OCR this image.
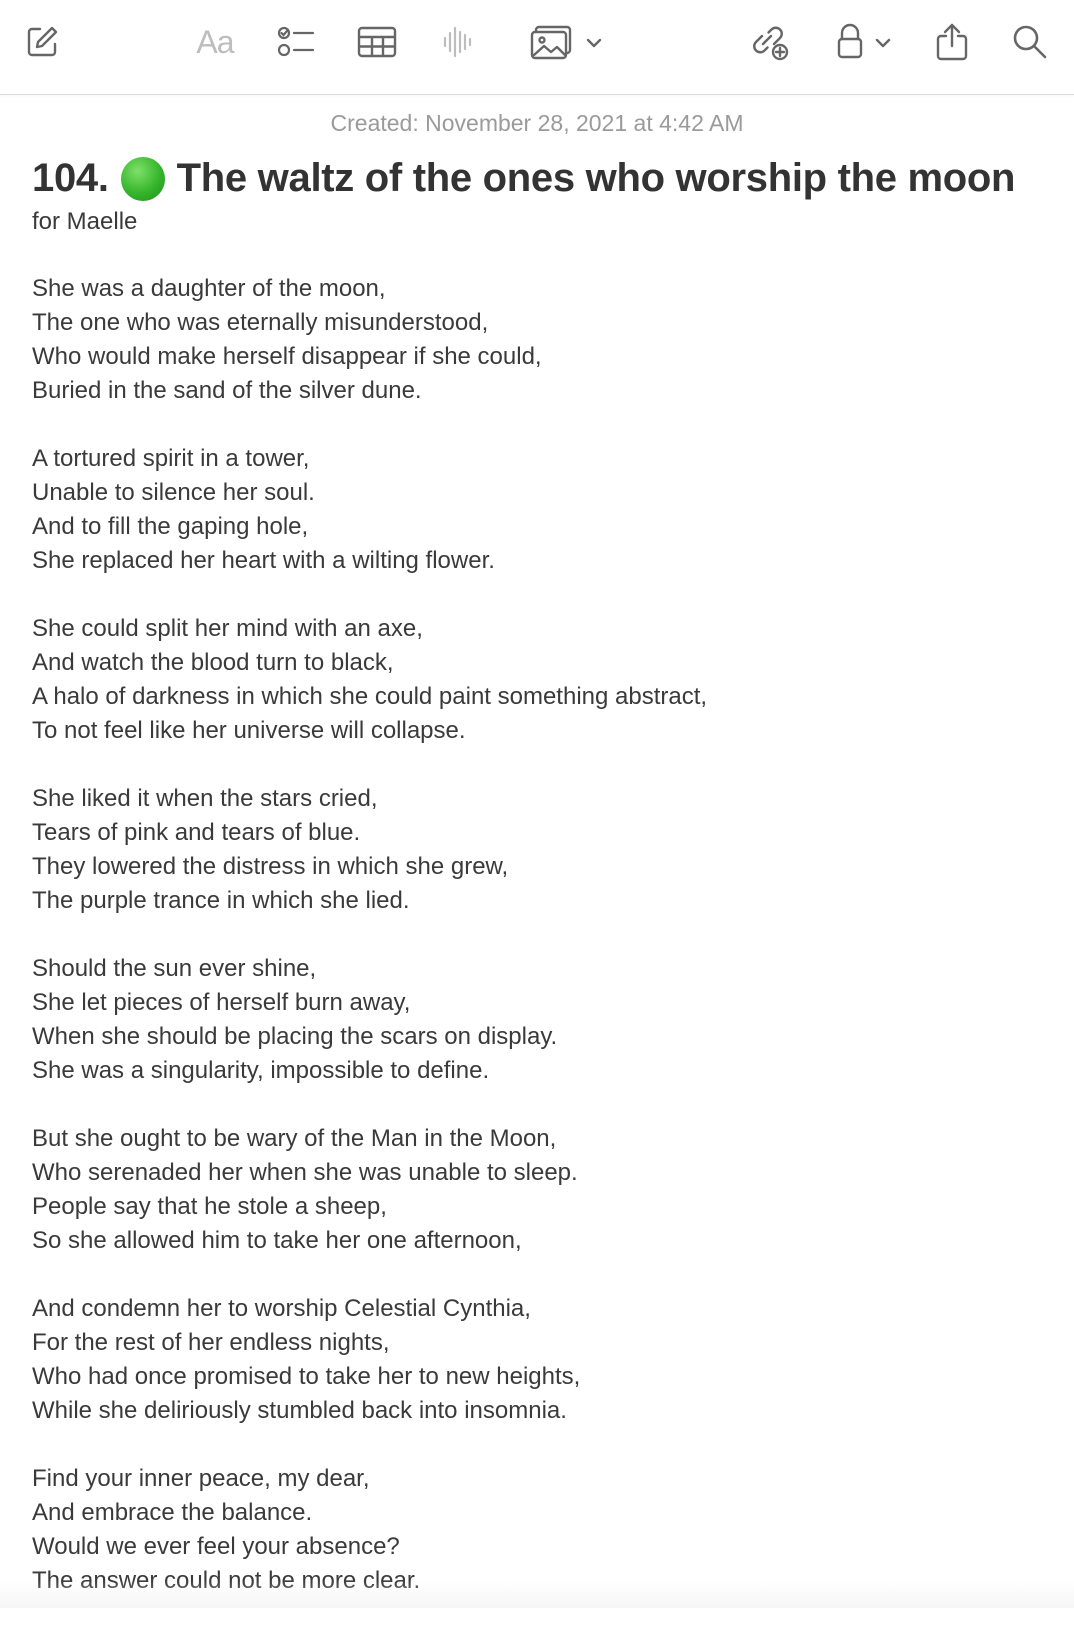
Aa
Created: November 28, 2021 at 4:42 AM
104. The waltz of the ones who worship the moon
for Maelle
She was a daughter of the moon,
The one who was eternally misunderstood,
Who would make herself disappear if she could,
Buried in the sand of the silver dune.
A tortured spirit in a tower,
Unable to silence her soul.
And to fill the gaping hole,
She replaced her heart with a wilting flower.
She could split her mind with an axe,
And watch the blood turn to black,
A halo of darkness in which she could paint something abstract,
To not feel like her universe will collapse.
She liked it when the stars cried,
Tears of pink and tears of blue.
They lowered the distress in which she grew,
The purple trance in which she lied.
Should the sun ever shine,
She let pieces of herself burn away,
When she should be placing the scars on display.
She was a singularity, impossible to define.
But she ought to be wary of the Man in the Moon,
Who serenaded her when she was unable to sleep.
People say that he stole a sheep,
So she allowed him to take her one afternoon,
And condemn her to worship Celestial Cynthia,
For the rest of her endless nights,
Who had once promised to take her to new heights,
While she deliriously stumbled back into insomnia.
Find your inner peace, my dear,
And embrace the balance.
Would we ever feel your absence?
The answer could not be more clear.
